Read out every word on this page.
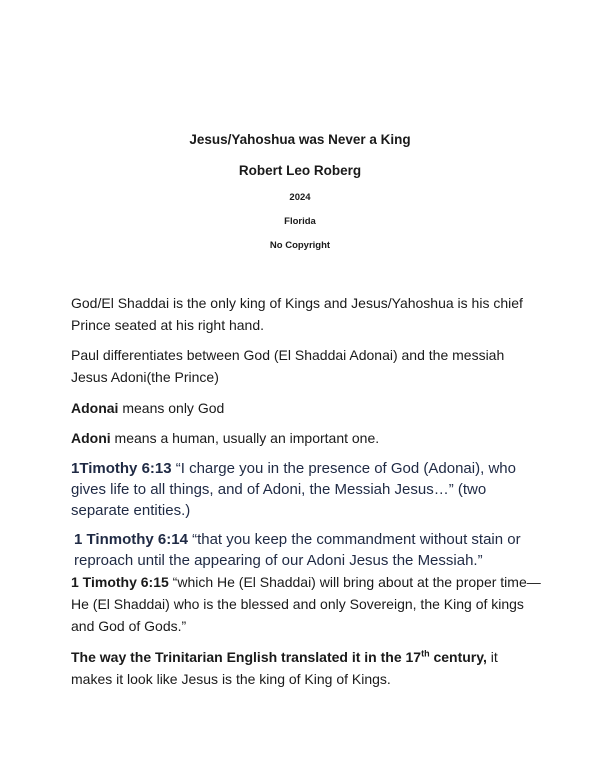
Jesus/Yahoshua was Never a King
Robert Leo Roberg
2024
Florida
No Copyright
God/El Shaddai is the only king of Kings and Jesus/Yahoshua is his chief Prince seated at his right hand.
Paul differentiates between God (El Shaddai Adonai) and the messiah Jesus Adoni(the Prince)
Adonai means only God
Adoni means a human, usually an important one.
1Timothy 6:13 “I charge you in the presence of God (Adonai), who gives life to all things, and of Adoni, the Messiah Jesus…” (two separate entities.)
1 Tinmothy 6:14 “that you keep the commandment without stain or reproach until the appearing of our Adoni Jesus the Messiah.”
1 Timothy 6:15 “which He (El Shaddai) will bring about at the proper time—He (El Shaddai) who is the blessed and only Sovereign, the King of kings and God of Gods.”
The way the Trinitarian English translated it in the 17th century, it makes it look like Jesus is the king of King of Kings.
